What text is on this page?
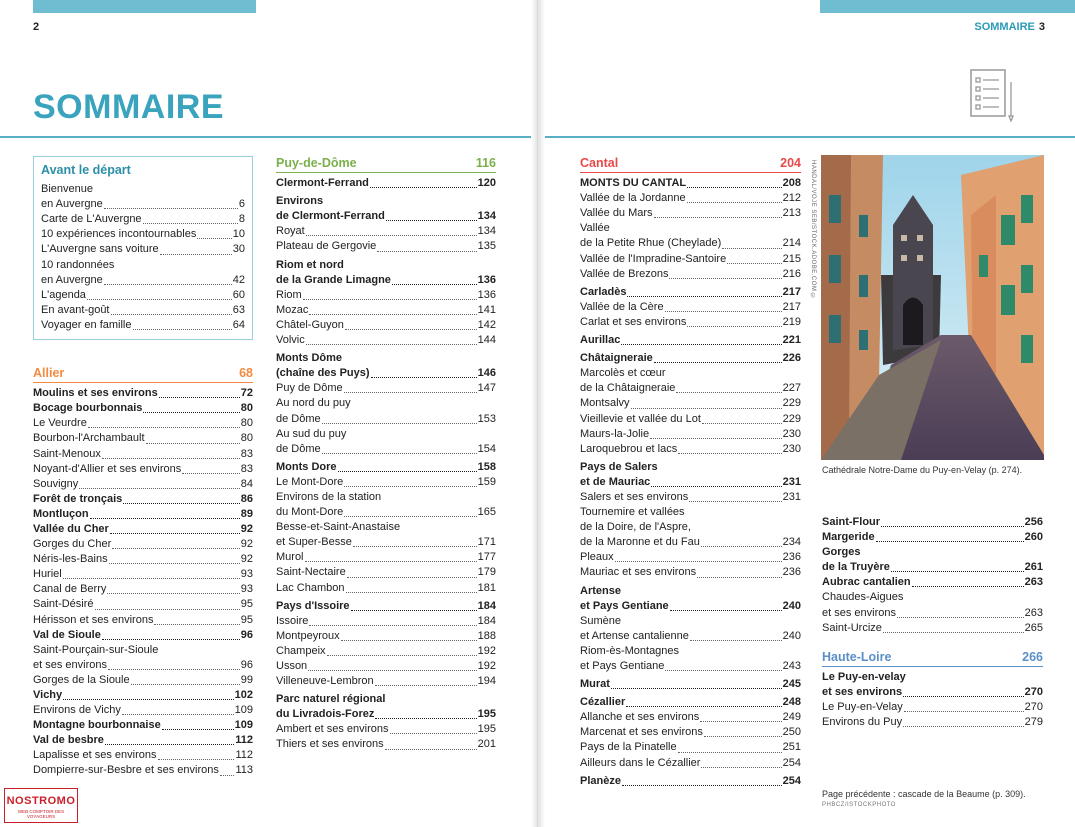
2
SOMMAIRE
SOMMAIRE 3
Avant le départ
Bienvenue
en Auvergne	6
Carte de L'Auvergne	8
10 expériences incontournables	10
L'Auvergne sans voiture	30
10 randonnées
en Auvergne	42
L'agenda	60
En avant-goût	63
Voyager en famille	64
Allier	68
Moulins et ses environs	72
Bocage bourbonnais	80
Le Veurdre	80
Bourbon-l'Archambault	80
Saint-Menoux	83
Noyant-d'Allier et ses environs	83
Souvigny	84
Forêt de tronçais	86
Montluçon	89
Vallée du Cher	92
Gorges du Cher	92
Néris-les-Bains	92
Huriel	93
Canal de Berry	93
Saint-Désiré	95
Hérisson et ses environs	95
Val de Sioule	96
Saint-Pourçain-sur-Sioule
et ses environs	96
Gorges de la Sioule	99
Vichy	102
Environs de Vichy	109
Montagne bourbonnaise	109
Val de besbre	112
Lapalisse et ses environs	112
Dompierre-sur-Besbre et ses environs 113
Puy-de-Dôme	116
Clermont-Ferrand	120
Environs
de Clermont-Ferrand	134
Royat	134
Plateau de Gergovie	135
Riom et nord
de la Grande Limagne	136
Riom	136
Mozac	141
Châtel-Guyon	142
Volvic	144
Monts Dôme
(chaîne des Puys)	146
Puy de Dôme	147
Au nord du puy
de Dôme	153
Au sud du puy
de Dôme	154
Monts Dore	158
Le Mont-Dore	159
Environs de la station
du Mont-Dore	165
Besse-et-Saint-Anastaise
et Super-Besse	171
Murol	177
Saint-Nectaire	179
Lac Chambon	181
Pays d'Issoire	184
Issoire	184
Montpeyroux	188
Champeix	192
Usson	192
Villeneuve-Lembron	194
Parc naturel régional
du Livradois-Forez	195
Ambert et ses environs	195
Thiers et ses environs	201
Cantal	204
MONTS DU CANTAL	208
Vallée de la Jordanne	212
Vallée du Mars	213
Vallée
de la Petite Rhue (Cheylade)	214
Vallée de l'Impradine-Santoire	215
Vallée de Brezons	216
Carladès	217
Vallée de la Cère	217
Carlat et ses environs	219
Aurillac	221
Châtaigneraie	226
Marcolès et cœur
de la Châtaigneraie	227
Montsalvy	229
Vieillevie et vallée du Lot	229
Maurs-la-Jolie	230
Laroquebrou et lacs	230
Pays de Salers
et de Mauriac	231
Salers et ses environs	231
Tournemire et vallées
de la Doire, de l'Aspre,
de la Maronne et du Fau	234
Pleaux	236
Mauriac et ses environs	236
Artense
et Pays Gentiane	240
Sumène
et Artense cantalienne	240
Riom-ès-Montagnes
et Pays Gentiane	243
Murat	245
Cézallier	248
Allanche et ses environs	249
Marcenat et ses environs	250
Pays de la Pinatelle	251
Ailleurs dans le Cézallier	254
Planèze	254
HANDAL/VOJE SEB/STOCK.ADOBE.COM ©
Cathédrale Notre-Dame du Puy-en-Velay (p. 274).
Saint-Flour	256
Margeride	260
Gorges
de la Truyère	261
Aubrac cantalien	263
Chaudes-Aigues
et ses environs	263
Saint-Urcize	265
Haute-Loire	266
Le Puy-en-velay
et ses environs	270
Le Puy-en-Velay	270
Environs du Puy	279
Page précédente : cascade de la Beaume (p. 309).
PHBCZ/ISTOCKPHOTO
NOSTROMO
WEB COMPTOIR DES VOYAGEURS
